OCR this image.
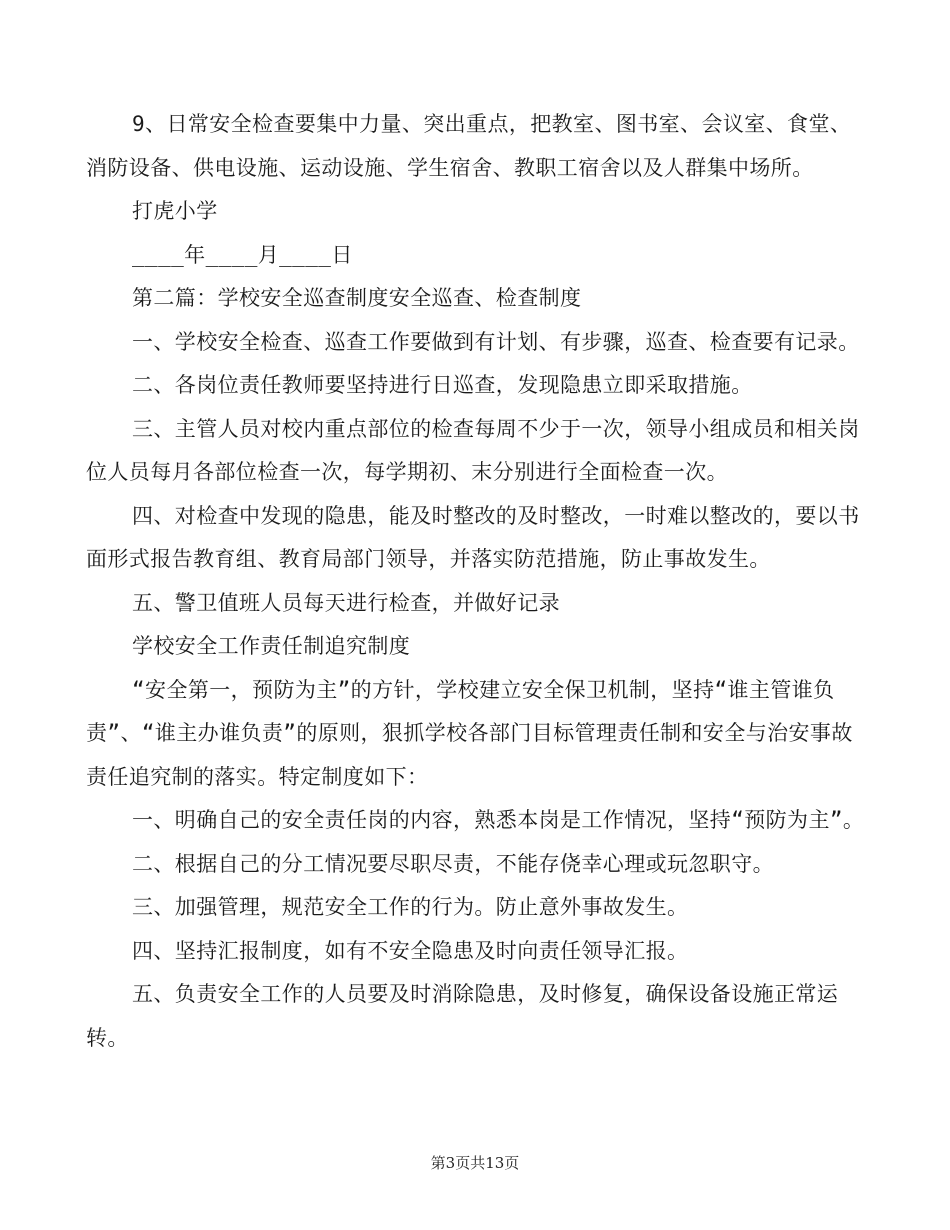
9、日常安全检查要集中力量、突出重点，把教室、图书室、会议室、食堂、消防设备、供电设施、运动设施、学生宿舍、教职工宿舍以及人群集中场所。

打虎小学

____年____月____日

第二篇：学校安全巡查制度安全巡查、检查制度

一、学校安全检查、巡查工作要做到有计划、有步骤，巡查、检查要有记录。

二、各岗位责任教师要坚持进行日巡查，发现隐患立即采取措施。

三、主管人员对校内重点部位的检查每周不少于一次，领导小组成员和相关岗位人员每月各部位检查一次，每学期初、末分别进行全面检查一次。

四、对检查中发现的隐患，能及时整改的及时整改，一时难以整改的，要以书面形式报告教育组、教育局部门领导，并落实防范措施，防止事故发生。

五、警卫值班人员每天进行检查，并做好记录

学校安全工作责任制追究制度

“安全第一，预防为主”的方针，学校建立安全保卫机制，坚持“谁主管谁负责”、“谁主办谁负责”的原则，狠抓学校各部门目标管理责任制和安全与治安事故责任追究制的落实。特定制度如下：

一、明确自己的安全责任岗的内容，熟悉本岗是工作情况，坚持“预防为主”。

二、根据自己的分工情况要尽职尽责，不能存侥幸心理或玩忽职守。

三、加强管理，规范安全工作的行为。防止意外事故发生。

四、坚持汇报制度，如有不安全隐患及时向责任领导汇报。

五、负责安全工作的人员要及时消除隐患，及时修复，确保设备设施正常运转。

第3页共13页
